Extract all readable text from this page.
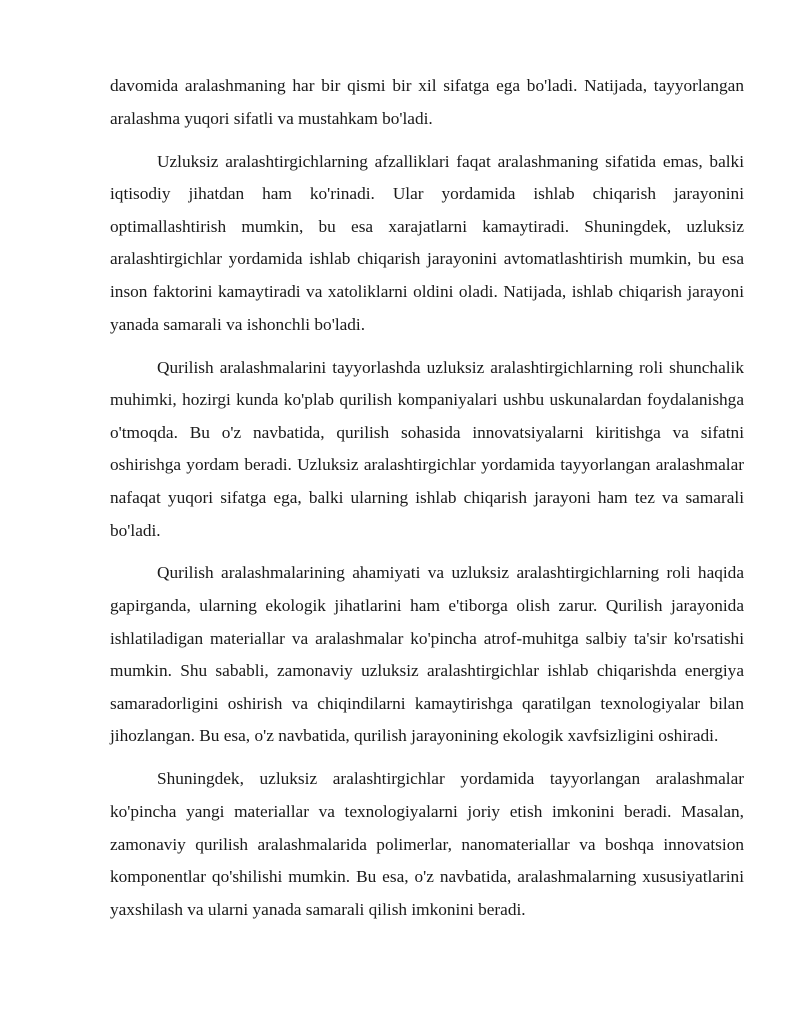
davomida aralashmaning har bir qismi bir xil sifatga ega bo'ladi. Natijada, tayyorlangan aralashma yuqori sifatli va mustahkam bo'ladi.

Uzluksiz aralashtirgichlarning afzalliklari faqat aralashmaning sifatida emas, balki iqtisodiy jihatdan ham ko'rinadi. Ular yordamida ishlab chiqarish jarayonini optimallashtirish mumkin, bu esa xarajatlarni kamaytiradi. Shuningdek, uzluksiz aralashtirgichlar yordamida ishlab chiqarish jarayonini avtomatlashtirish mumkin, bu esa inson faktorini kamaytiradi va xatoliklarni oldini oladi. Natijada, ishlab chiqarish jarayoni yanada samarali va ishonchli bo'ladi.

Qurilish aralashmalarini tayyorlashda uzluksiz aralashtirgichlarning roli shunchalik muhimki, hozirgi kunda ko'plab qurilish kompaniyalari ushbu uskunalardan foydalanishga o'tmoqda. Bu o'z navbatida, qurilish sohasida innovatsiyalarni kiritishga va sifatni oshirishga yordam beradi. Uzluksiz aralashtirgichlar yordamida tayyorlangan aralashmalar nafaqat yuqori sifatga ega, balki ularning ishlab chiqarish jarayoni ham tez va samarali bo'ladi.

Qurilish aralashmalarining ahamiyati va uzluksiz aralashtirgichlarning roli haqida gapirganda, ularning ekologik jihatlarini ham e'tiborga olish zarur. Qurilish jarayonida ishlatiladigan materiallar va aralashmalar ko'pincha atrof-muhitga salbiy ta'sir ko'rsatishi mumkin. Shu sababli, zamonaviy uzluksiz aralashtirgichlar ishlab chiqarishda energiya samaradorligini oshirish va chiqindilarni kamaytirishga qaratilgan texnologiyalar bilan jihozlangan. Bu esa, o'z navbatida, qurilish jarayonining ekologik xavfsizligini oshiradi.

Shuningdek, uzluksiz aralashtirgichlar yordamida tayyorlangan aralashmalar ko'pincha yangi materiallar va texnologiyalarni joriy etish imkonini beradi. Masalan, zamonaviy qurilish aralashmalarida polimerlar, nanomateriallar va boshqa innovatsion komponentlar qo'shilishi mumkin. Bu esa, o'z navbatida, aralashmalarning xususiyatlarini yaxshilash va ularni yanada samarali qilish imkonini beradi.
